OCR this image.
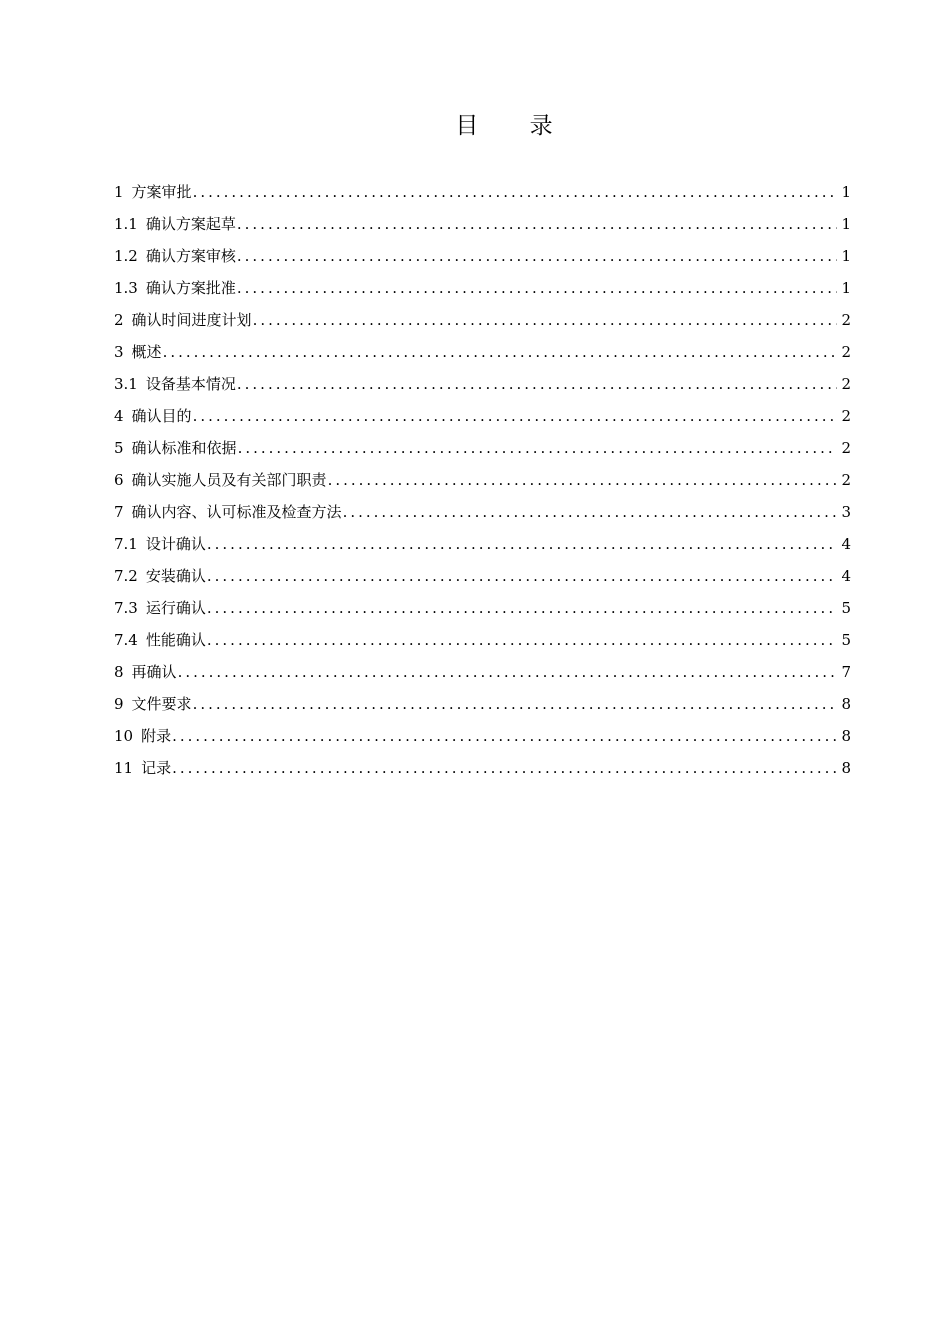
目 录
1 方案审批 .....	1
1.1 确认方案起草 .....	1
1.2 确认方案审核 .....	1
1.3 确认方案批准 .....	1
2 确认时间进度计划 .....	2
3 概述 .....	2
3.1 设备基本情况 .....	2
4 确认目的 .....	2
5 确认标准和依据 .....	2
6 确认实施人员及有关部门职责 .....	2
7 确认内容、认可标准及检查方法 .....	3
7.1 设计确认 .....	4
7.2 安装确认 .....	4
7.3 运行确认 .....	5
7.4 性能确认 .....	5
8 再确认 .....	7
9 文件要求 .....	8
10 附录 .....	8
11 记录 .....	8
